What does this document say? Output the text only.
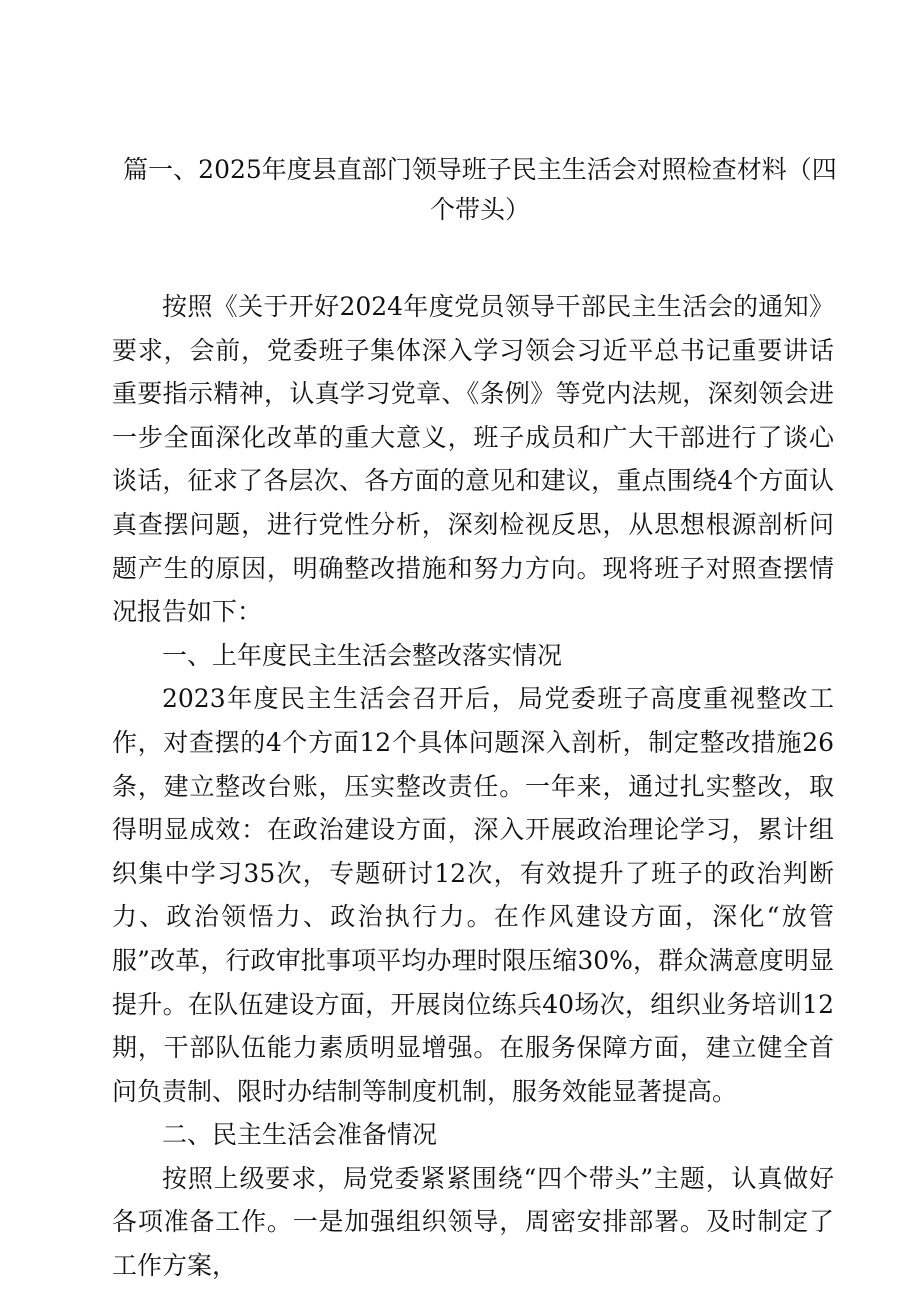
篇一、2025年度县直部门领导班子民主生活会对照检查材料（四
个带头）

按照《关于开好2024年度党员领导干部民主生活会的通知》要求，会前，党委班子集体深入学习领会习近平总书记重要讲话重要指示精神，认真学习党章、《条例》等党内法规，深刻领会进一步全面深化改革的重大意义，班子成员和广大干部进行了谈心谈话，征求了各层次、各方面的意见和建议，重点围绕4个方面认真查摆问题，进行党性分析，深刻检视反思，从思想根源剖析问题产生的原因，明确整改措施和努力方向。现将班子对照查摆情况报告如下：

一、上年度民主生活会整改落实情况

2023年度民主生活会召开后，局党委班子高度重视整改工作，对查摆的4个方面12个具体问题深入剖析，制定整改措施26条，建立整改台账，压实整改责任。一年来，通过扎实整改，取得明显成效：在政治建设方面，深入开展政治理论学习，累计组织集中学习35次，专题研讨12次，有效提升了班子的政治判断力、政治领悟力、政治执行力。在作风建设方面，深化“放管服”改革，行政审批事项平均办理时限压缩30%，群众满意度明显提升。在队伍建设方面，开展岗位练兵40场次，组织业务培训12期，干部队伍能力素质明显增强。在服务保障方面，建立健全首问负责制、限时办结制等制度机制，服务效能显著提高。

二、民主生活会准备情况

按照上级要求，局党委紧紧围绕“四个带头”主题，认真做好各项准备工作。一是加强组织领导，周密安排部署。及时制定了工作方案，
